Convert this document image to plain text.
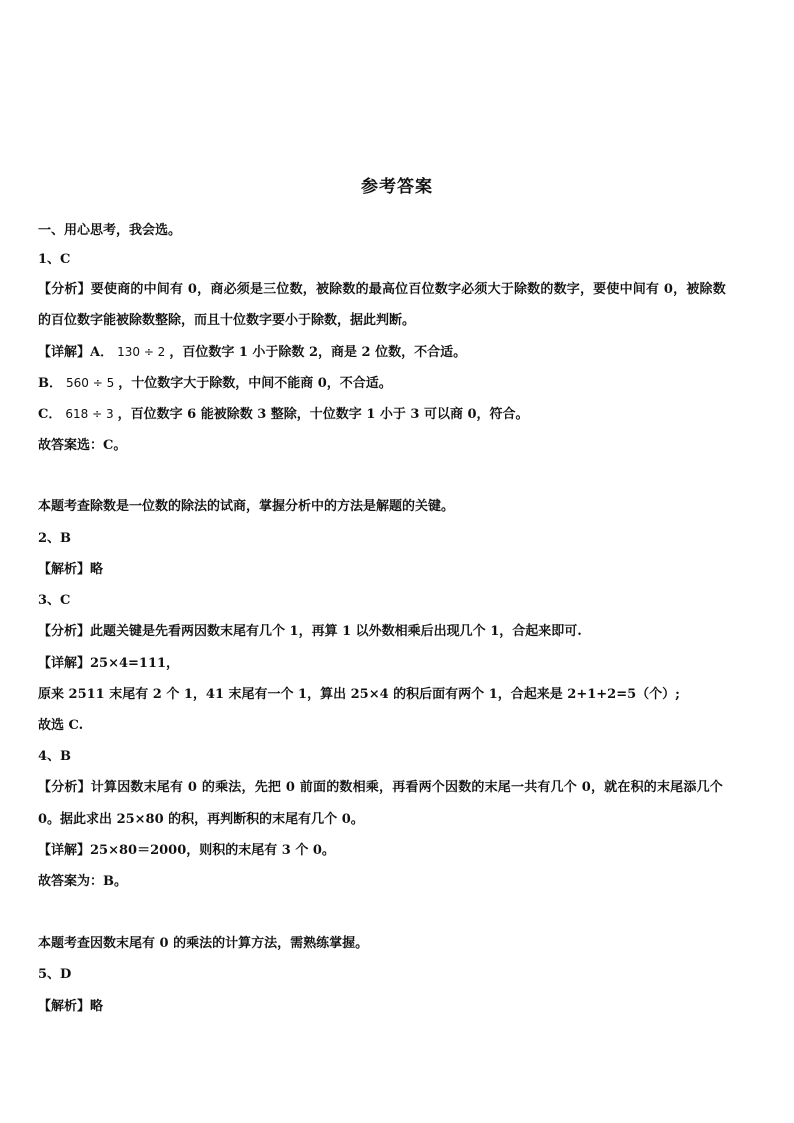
参考答案

一、用心思考，我会选。

1、C

【分析】要使商的中间有 0，商必须是三位数，被除数的最高位百位数字必须大于除数的数字，要使中间有 0，被除数

的百位数字能被除数整除，而且十位数字要小于除数，据此判断。

【详解】A． 130 ÷ 2 ，百位数字 1 小于除数 2，商是 2 位数，不合适。

B． 560 ÷ 5 ，十位数字大于除数，中间不能商 0，不合适。

C． 618 ÷ 3 ，百位数字 6 能被除数 3 整除，十位数字 1 小于 3 可以商 0，符合。

故答案选：C。

本题考查除数是一位数的除法的试商，掌握分析中的方法是解题的关键。

2、B

【解析】略

3、C

【分析】此题关键是先看两因数末尾有几个 1，再算 1 以外数相乘后出现几个 1，合起来即可.

【详解】25×4=111，

原来 2511 末尾有 2 个 1，41 末尾有一个 1，算出 25×4 的积后面有两个 1，合起来是 2+1+2=5（个）;

故选 C.

4、B

【分析】计算因数末尾有 0 的乘法，先把 0 前面的数相乘，再看两个因数的末尾一共有几个 0，就在积的末尾添几个

0。据此求出 25×80 的积，再判断积的末尾有几个 0。

【详解】25×80＝2000，则积的末尾有 3 个 0。

故答案为：B。

本题考查因数末尾有 0 的乘法的计算方法，需熟练掌握。

5、D

【解析】略
